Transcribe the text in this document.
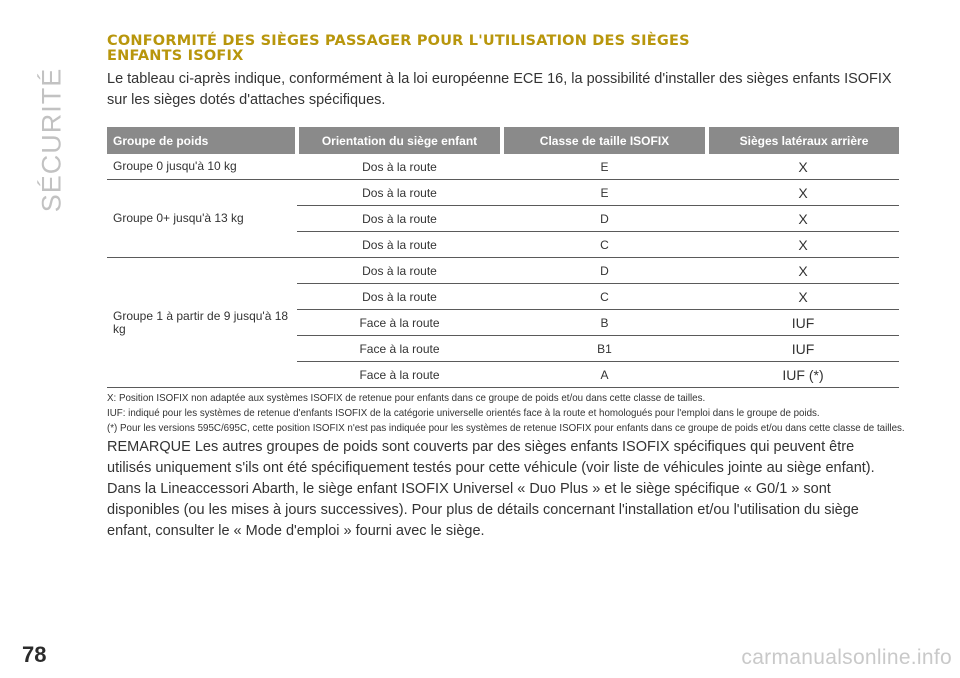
SÉCURITÉ
CONFORMITÉ DES SIÈGES PASSAGER POUR L'UTILISATION DES SIÈGES
ENFANTS ISOFIX

Le tableau ci-après indique, conformément à la loi européenne ECE 16, la possibilité d'installer des sièges enfants ISOFIX sur les sièges dotés d'attaches spécifiques.

Groupe de poids	Orientation du siège enfant	Classe de taille ISOFIX	Sièges latéraux arrière
Groupe 0 jusqu'à 10 kg	Dos à la route	E	X
Groupe 0+ jusqu'à 13 kg	Dos à la route	E	X
	Dos à la route	D	X
	Dos à la route	C	X
Groupe 1 à partir de 9 jusqu'à 18 kg	Dos à la route	D	X
	Dos à la route	C	X
	Face à la route	B	IUF
	Face à la route	B1	IUF
	Face à la route	A	IUF (*)

X: Position ISOFIX non adaptée aux systèmes ISOFIX de retenue pour enfants dans ce groupe de poids et/ou dans cette classe de tailles.

IUF: indiqué pour les systèmes de retenue d'enfants ISOFIX de la catégorie universelle orientés face à la route et homologués pour l'emploi dans le groupe de poids.

(*) Pour les versions 595C/695C, cette position ISOFIX n'est pas indiquée pour les systèmes de retenue ISOFIX pour enfants dans ce groupe de poids et/ou dans cette classe de tailles.

REMARQUE Les autres groupes de poids sont couverts par des sièges enfants ISOFIX spécifiques qui peuvent être utilisés uniquement s'ils ont été spécifiquement testés pour cette véhicule (voir liste de véhicules jointe au siège enfant). Dans la Lineaccessori Abarth, le siège enfant ISOFIX Universel « Duo Plus » et le siège spécifique « G0/1 » sont disponibles (ou les mises à jours successives). Pour plus de détails concernant l'installation et/ou l'utilisation du siège enfant, consulter le « Mode d'emploi » fourni avec le siège.

78	carmanualsonline.info
